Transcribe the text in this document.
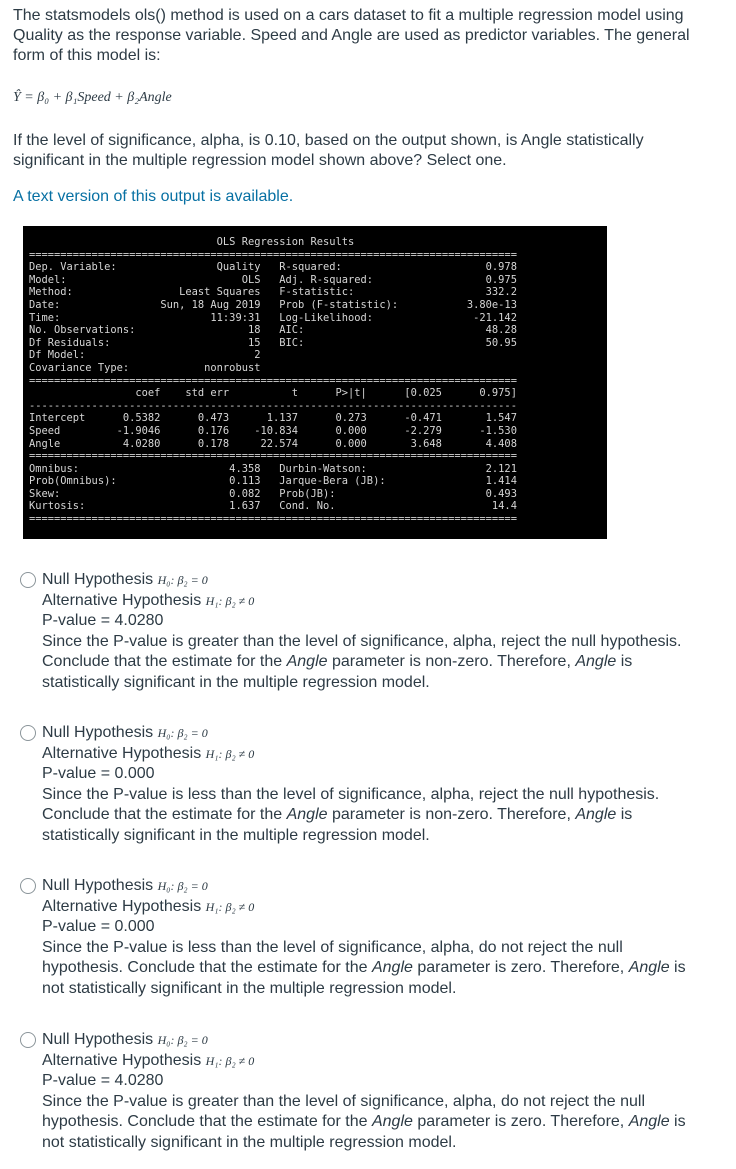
The statsmodels ols() method is used on a cars dataset to fit a multiple regression model using Quality as the response variable. Speed and Angle are used as predictor variables. The general form of this model is:

Ŷ = β₀ + β₁Speed + β₂Angle

If the level of significance, alpha, is 0.10, based on the output shown, is Angle statistically significant in the multiple regression model shown above? Select one.

A text version of this output is available.
OLS Regression Results
==============================================================================
Dep. Variable:                Quality   R-squared:                       0.978
Model:                            OLS   Adj. R-squared:                  0.975
Method:                 Least Squares   F-statistic:                     332.2
Date:                Sun, 18 Aug 2019   Prob (F-statistic):           3.80e-13
Time:                        11:39:31   Log-Likelihood:                -21.142
No. Observations:                  18   AIC:                             48.28
Df Residuals:                      15   BIC:                             50.95
Df Model:                           2
Covariance Type:            nonrobust
==============================================================================
coef    std err          t      P>|t|      [0.025      0.975]
------------------------------------------------------------------------------
Intercept      0.5382      0.473      1.137      0.273      -0.471       1.547
Speed         -1.9046      0.176    -10.834      0.000      -2.279      -1.530
Angle          4.0280      0.178     22.574      0.000       3.648       4.408
==============================================================================
Omnibus:                        4.358   Durbin-Watson:                   2.121
Prob(Omnibus):                  0.113   Jarque-Bera (JB):                1.414
Skew:                           0.082   Prob(JB):                        0.493
Kurtosis:                       1.637   Cond. No.                         14.4
==============================================================================
Null Hypothesis H₀: β₂ = 0
Alternative Hypothesis H₁: β₂ ≠ 0
P-value = 4.0280
Since the P-value is greater than the level of significance, alpha, reject the null hypothesis. Conclude that the estimate for the Angle parameter is non-zero. Therefore, Angle is statistically significant in the multiple regression model.
Null Hypothesis H₀: β₂ = 0
Alternative Hypothesis H₁: β₂ ≠ 0
P-value = 0.000
Since the P-value is less than the level of significance, alpha, reject the null hypothesis. Conclude that the estimate for the Angle parameter is non-zero. Therefore, Angle is statistically significant in the multiple regression model.
Null Hypothesis H₀: β₂ = 0
Alternative Hypothesis H₁: β₂ ≠ 0
P-value = 0.000
Since the P-value is less than the level of significance, alpha, do not reject the null hypothesis. Conclude that the estimate for the Angle parameter is zero. Therefore, Angle is not statistically significant in the multiple regression model.
Null Hypothesis H₀: β₂ = 0
Alternative Hypothesis H₁: β₂ ≠ 0
P-value = 4.0280
Since the P-value is greater than the level of significance, alpha, do not reject the null hypothesis. Conclude that the estimate for the Angle parameter is zero. Therefore, Angle is not statistically significant in the multiple regression model.
